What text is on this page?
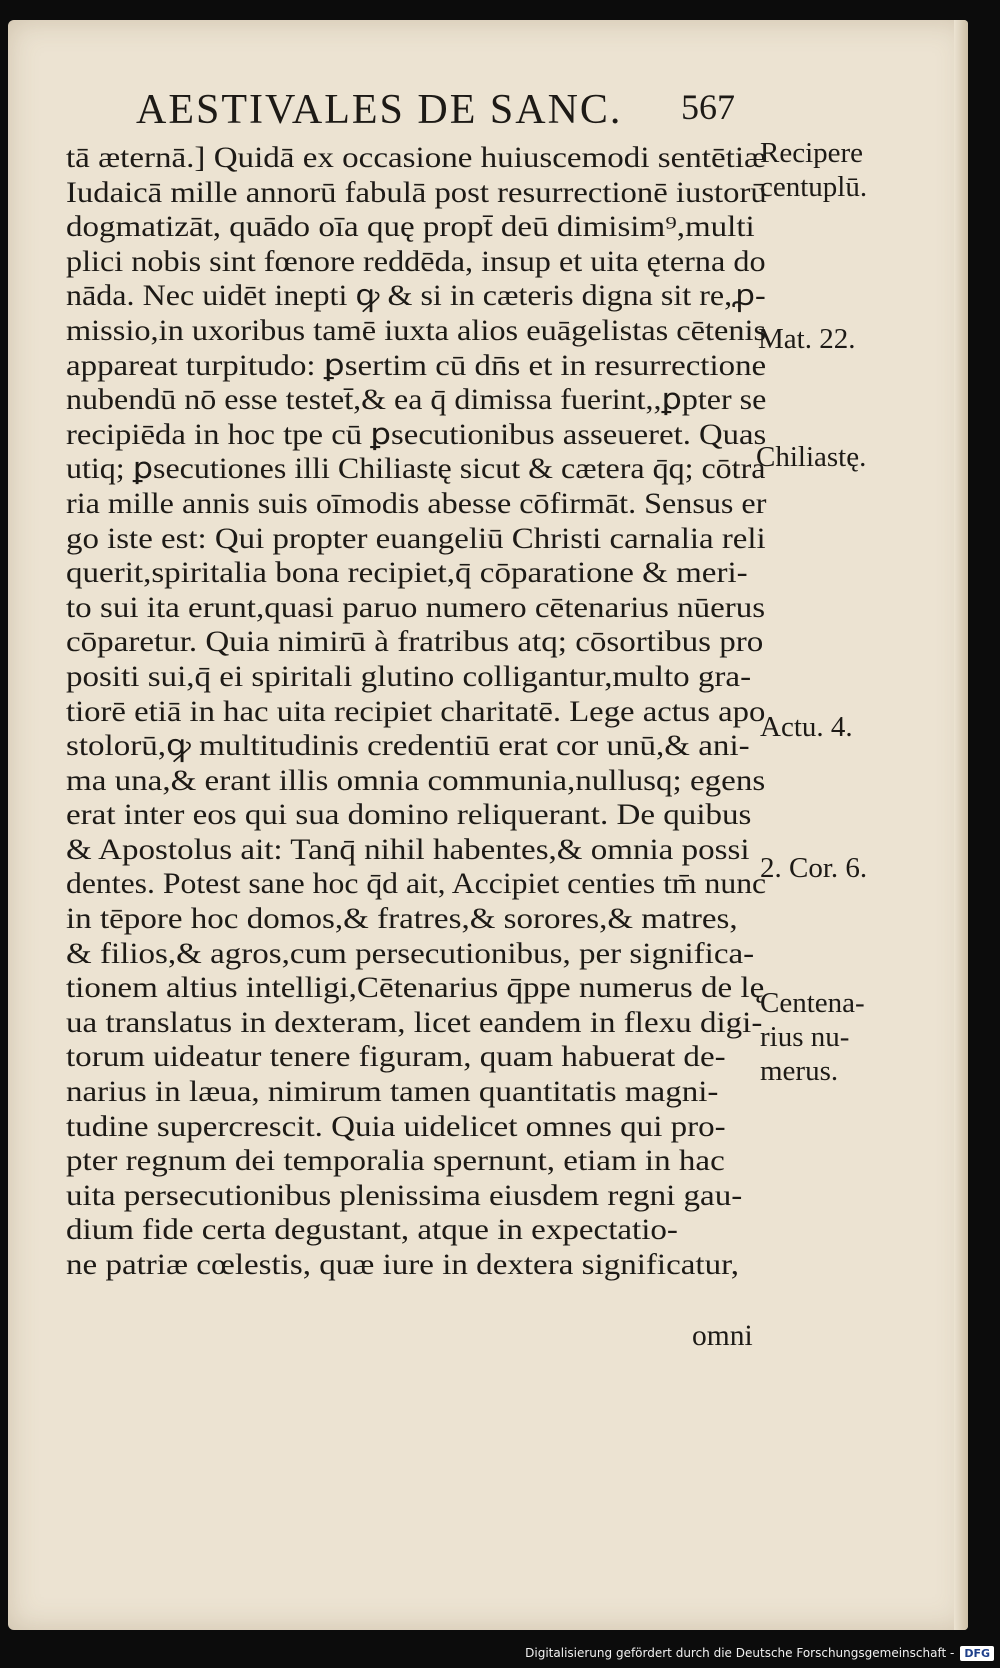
AESTIVALES DE SANC. 567
tā æternā.] Quidā ex occasione huiuscemodi sentētiæ
Iudaicā mille annorū fabulā post resurrectionē iustorū
dogmatizāt, quādo oīa quę propt̄ deū dimisim⁹,multi
plici nobis sint fœnore reddēda, insup et uita ęterna do
nāda. Nec uidēt inepti ꝙ & si in cæteris digna sit re,ꝓ-
missio,in uxoribus tamē iuxta alios euāgelistas cētenis
appareat turpitudo: ꝑsertim cū dn̄s et in resurrectione
nubendū nō esse testet̄,& ea q̄ dimissa fuerint,,ꝑpter se
recipiēda in hoc tpe cū ꝑsecutionibus asseueret. Quas
utiq; ꝑsecutiones illi Chiliastę sicut & cætera q̄q; cōtra
ria mille annis suis oīmodis abesse cōfirmāt. Sensus er
go iste est: Qui propter euangeliū Christi carnalia reli
querit,spiritalia bona recipiet,q̄ cōparatione & meri-
to sui ita erunt,quasi paruo numero cētenarius nūerus
cōparetur. Quia nimirū à fratribus atq; cōsortibus pro
positi sui,q̄ ei spiritali glutino colligantur,multo gra-
tiorē etiā in hac uita recipiet charitatē. Lege actus apo
stolorū,ꝙ multitudinis credentiū erat cor unū,& ani-
ma una,& erant illis omnia communia,nullusq; egens
erat inter eos qui sua domino reliquerant. De quibus
& Apostolus ait: Tanq̄ nihil habentes,& omnia possi
dentes. Potest sane hoc q̄d ait, Accipiet centies tm̄ nunc
in tēpore hoc domos,& fratres,& sorores,& matres,
& filios,& agros,cum persecutionibus, per significa-
tionem altius intelligi,Cētenarius q̄ppe numerus de lę
ua translatus in dexteram, licet eandem in flexu digi-
torum uideatur tenere figuram, quam habuerat de-
narius in læua, nimirum tamen quantitatis magni-
tudine supercrescit. Quia uidelicet omnes qui pro-
pter regnum dei temporalia spernunt, etiam in hac
uita persecutionibus plenissima eiusdem regni gau-
dium fide certa degustant, atque in expectatio-
ne patriæ cœlestis, quæ iure in dextera significatur,
omni
Recipere
centuplū.
Mat. 22.
Chiliastę.
Actu. 4.
2. Cor. 6.
Centena-
rius nu-
merus.
Digitalisierung gefördert durch die Deutsche Forschungsgemeinschaft - DFG
